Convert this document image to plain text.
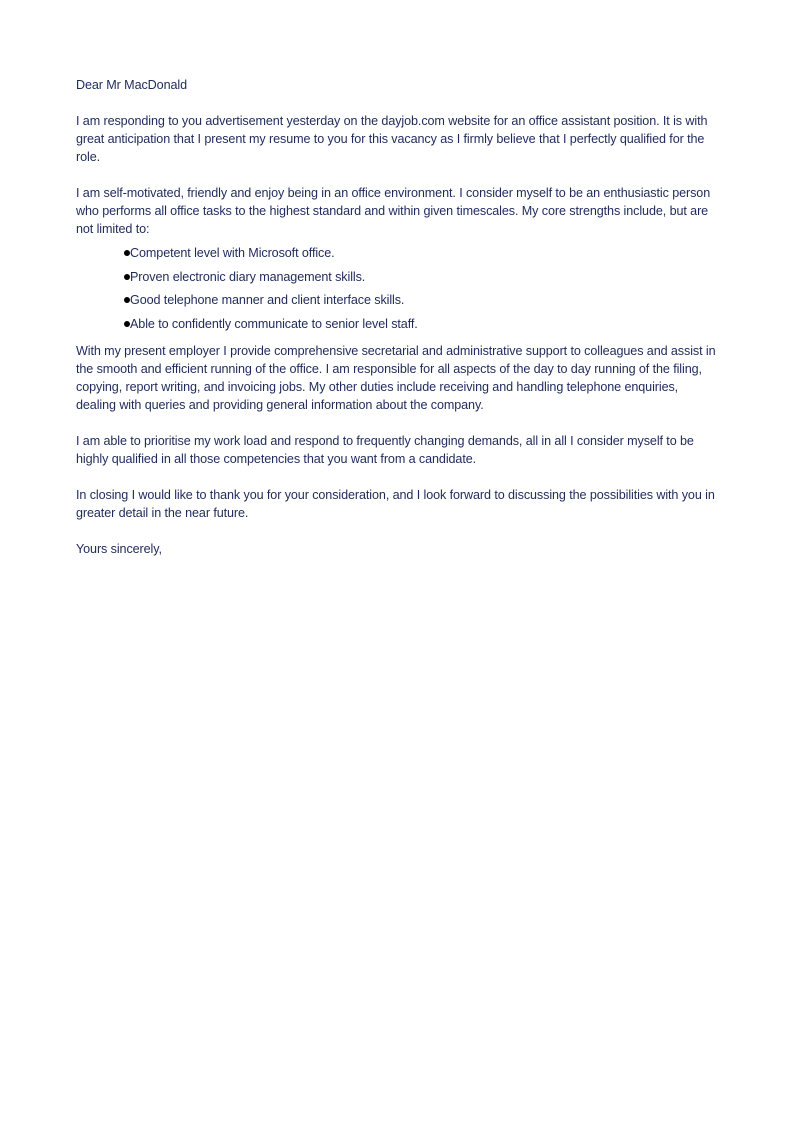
Dear Mr MacDonald

I am responding to you advertisement yesterday on the dayjob.com website for an office assistant position. It is with great anticipation that I present my resume to you for this vacancy as I firmly believe that I perfectly qualified for the role.

I am self-motivated, friendly and enjoy being in an office environment. I consider myself to be an enthusiastic person who performs all office tasks to the highest standard and within given timescales. My core strengths include, but are not limited to:

Competent level with Microsoft office.
Proven electronic diary management skills.
Good telephone manner and client interface skills.
Able to confidently communicate to senior level staff.

With my present employer I provide comprehensive secretarial and administrative support to colleagues and assist in the smooth and efficient running of the office. I am responsible for all aspects of the day to day running of the filing, copying, report writing, and invoicing jobs. My other duties include receiving and handling telephone enquiries, dealing with queries and providing general information about the company.

I am able to prioritise my work load and respond to frequently changing demands, all in all I consider myself to be highly qualified in all those competencies that you want from a candidate.

In closing I would like to thank you for your consideration, and I look forward to discussing the possibilities with you in greater detail in the near future.

Yours sincerely,
